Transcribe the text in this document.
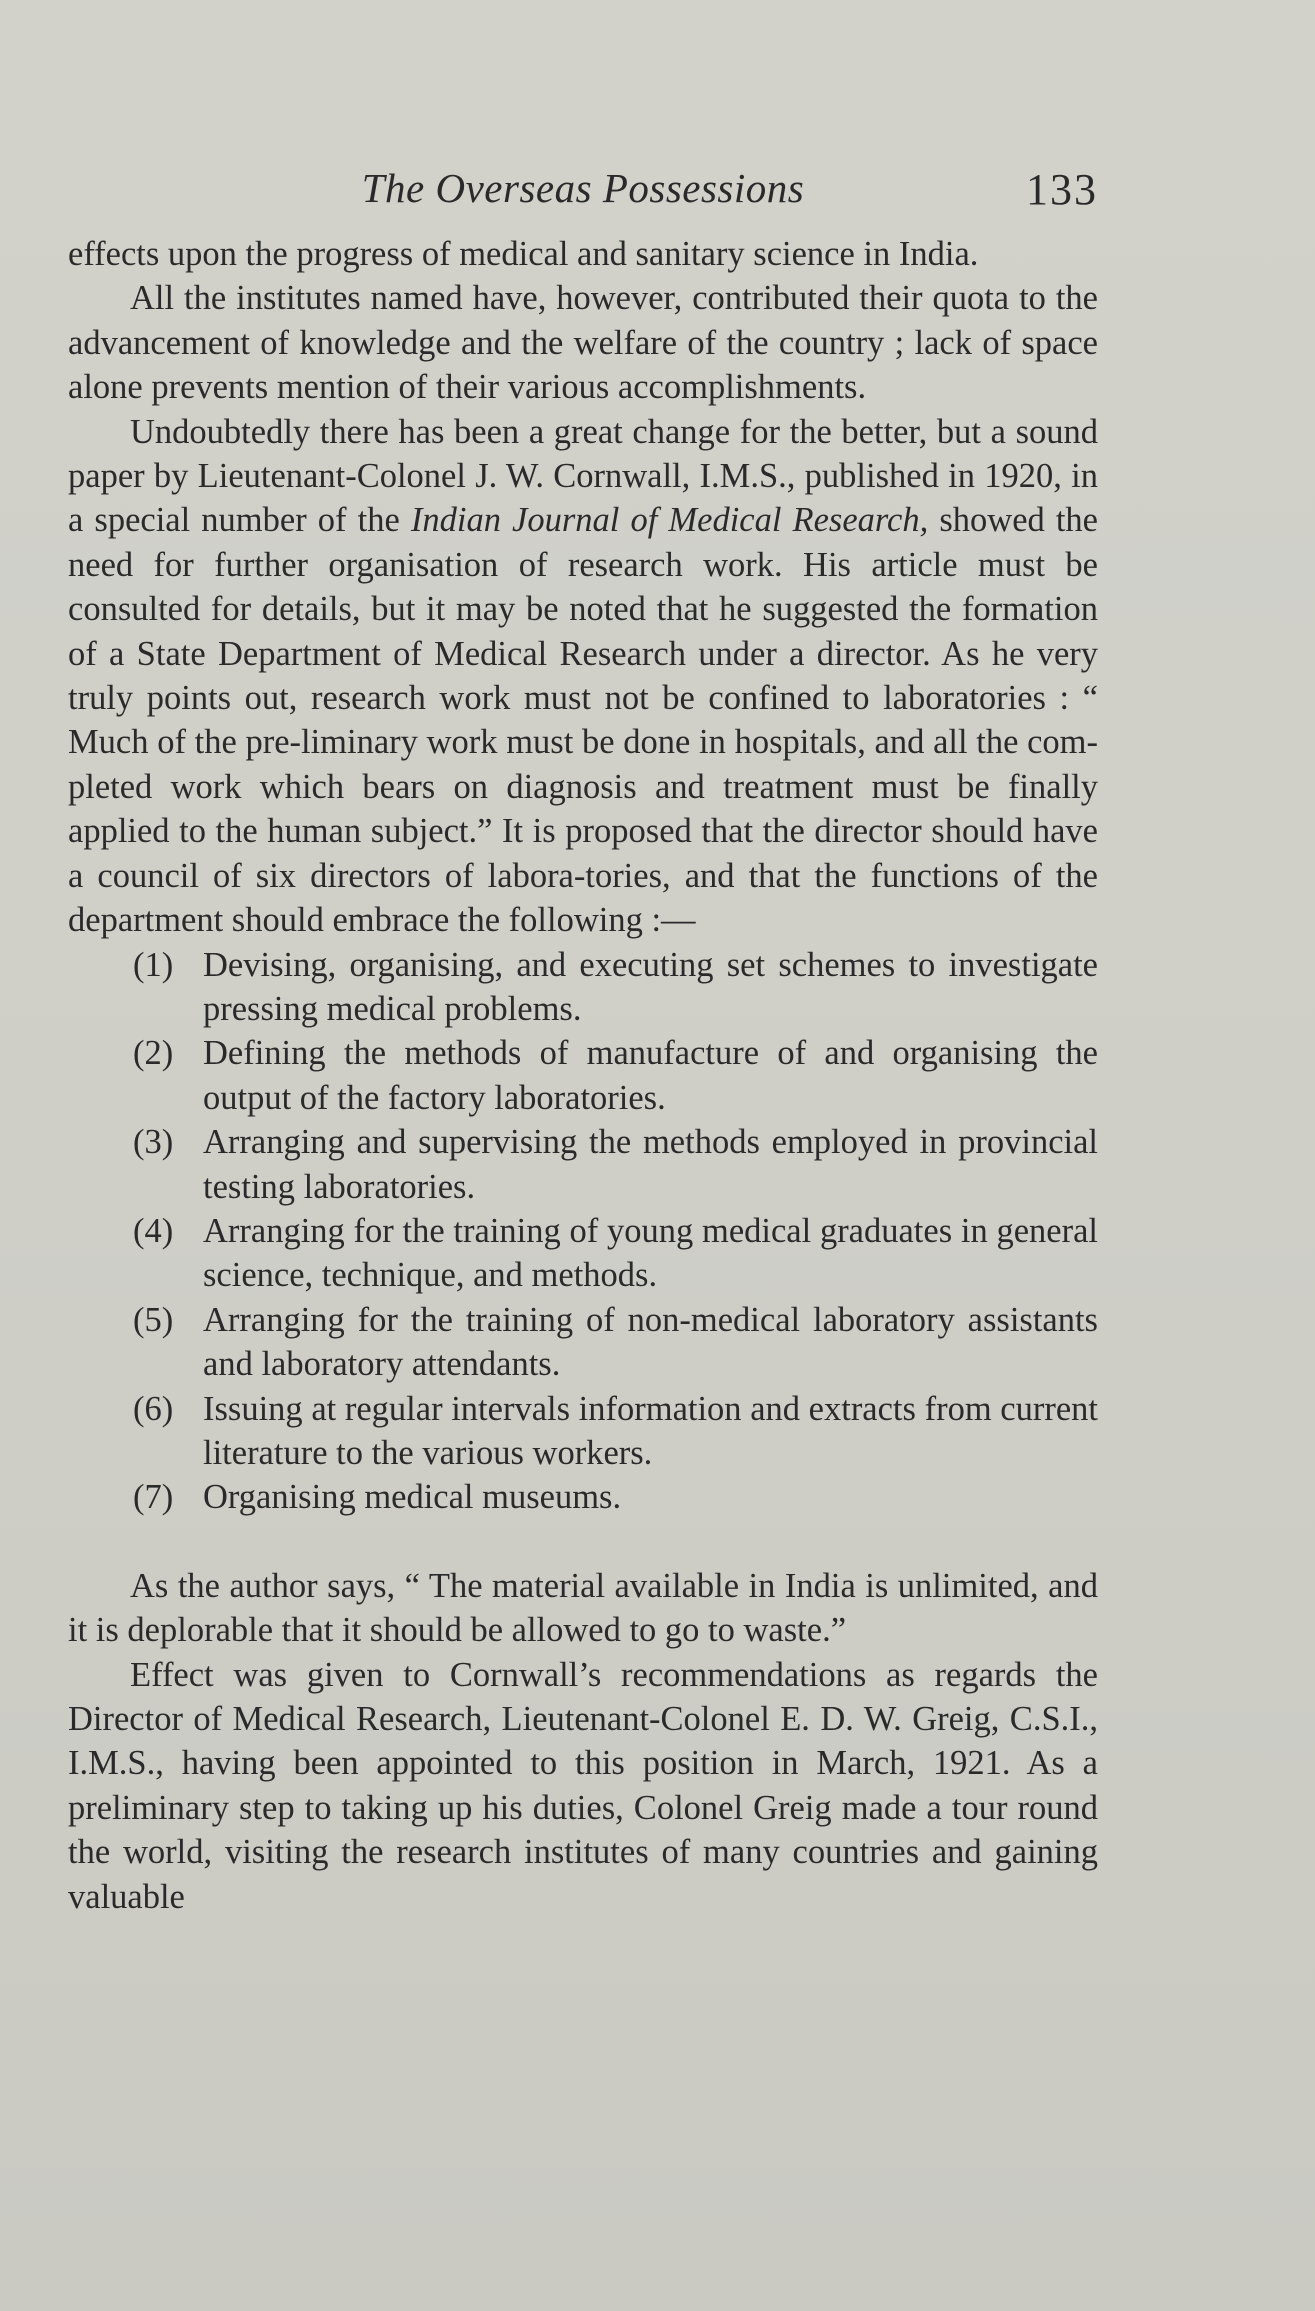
The Overseas Possessions	133

effects upon the progress of medical and sanitary science in India.

All the institutes named have, however, contributed their quota to the advancement of knowledge and the welfare of the country ; lack of space alone prevents mention of their various accomplishments.

Undoubtedly there has been a great change for the better, but a sound paper by Lieutenant-Colonel J. W. Cornwall, I.M.S., published in 1920, in a special number of the Indian Journal of Medical Research, showed the need for further organisation of research work. His article must be consulted for details, but it may be noted that he suggested the formation of a State Department of Medical Research under a director. As he very truly points out, research work must not be confined to laboratories : “ Much of the pre-liminary work must be done in hospitals, and all the com-pleted work which bears on diagnosis and treatment must be finally applied to the human subject.” It is proposed that the director should have a council of six directors of labora-tories, and that the functions of the department should embrace the following :—

(1) Devising, organising, and executing set schemes to investigate pressing medical problems.
(2) Defining the methods of manufacture of and organising the output of the factory laboratories.
(3) Arranging and supervising the methods employed in provincial testing laboratories.
(4) Arranging for the training of young medical graduates in general science, technique, and methods.
(5) Arranging for the training of non-medical laboratory assistants and laboratory attendants.
(6) Issuing at regular intervals information and extracts from current literature to the various workers.
(7) Organising medical museums.

As the author says, “ The material available in India is unlimited, and it is deplorable that it should be allowed to go to waste.”

Effect was given to Cornwall’s recommendations as regards the Director of Medical Research, Lieutenant-Colonel E. D. W. Greig, C.S.I., I.M.S., having been appointed to this position in March, 1921. As a preliminary step to taking up his duties, Colonel Greig made a tour round the world, visiting the research institutes of many countries and gaining valuable
